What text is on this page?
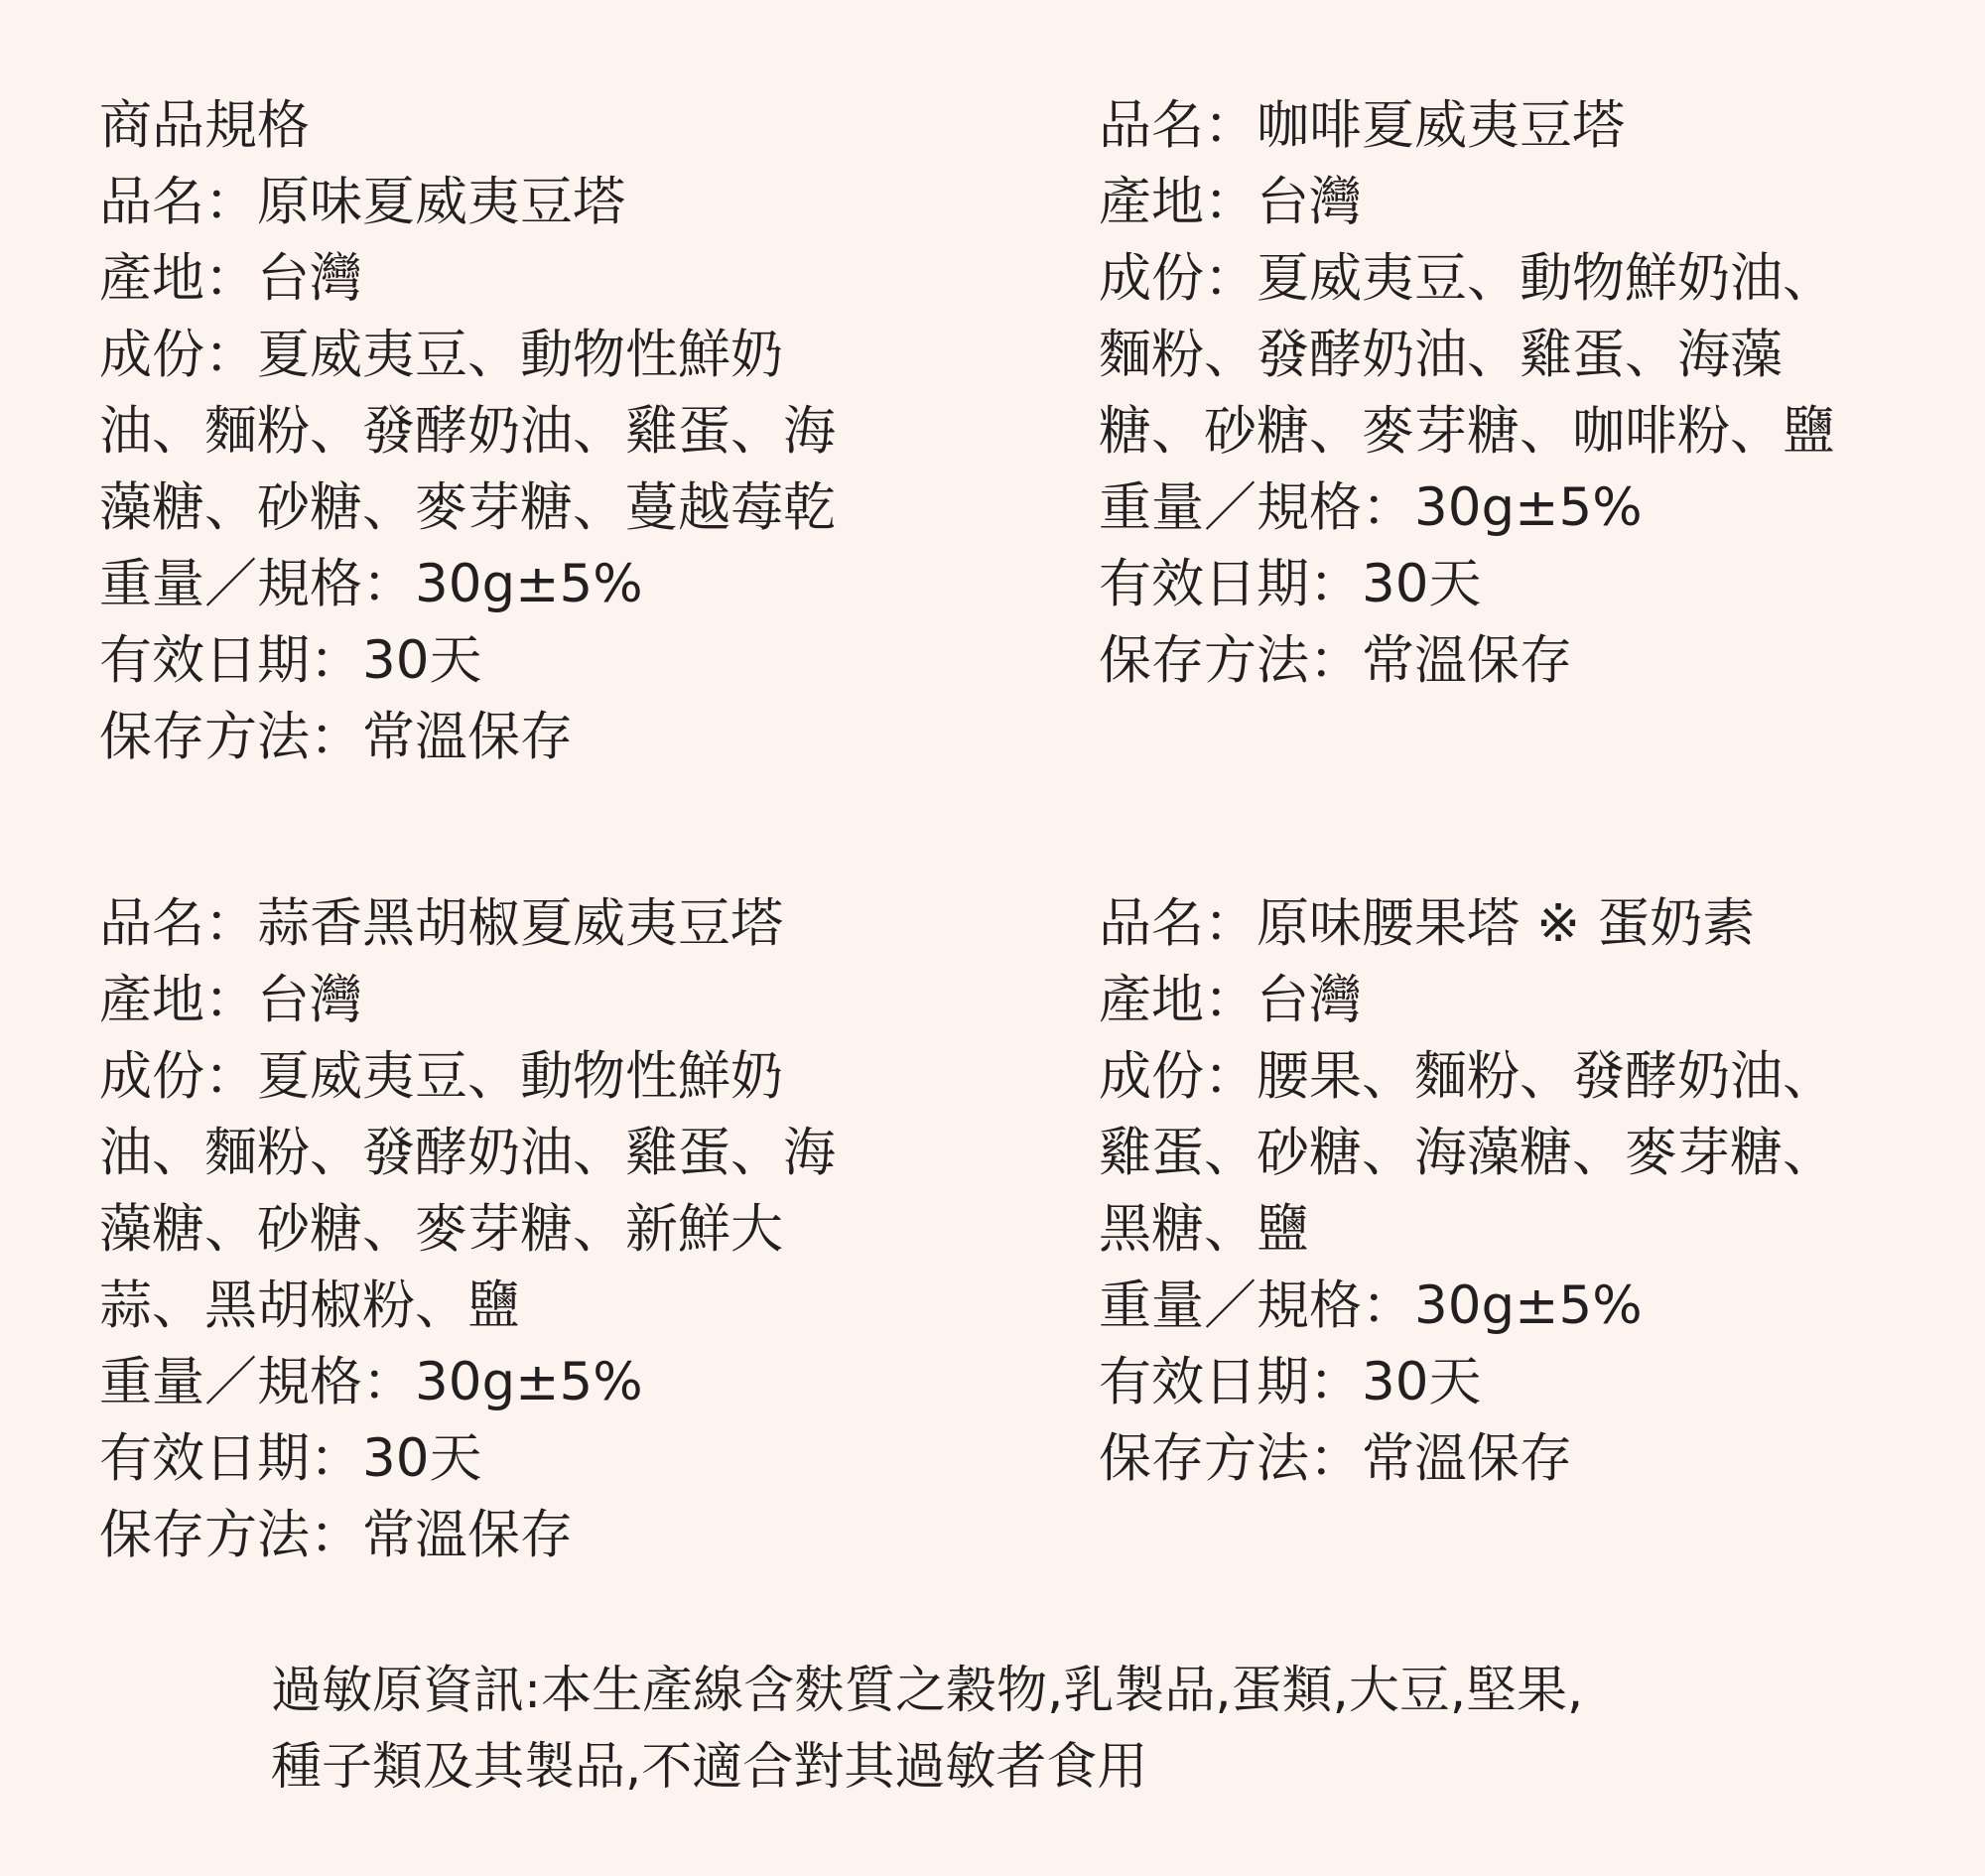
商品規格
品名：原味夏威夷豆塔
產地：台灣
成份：夏威夷豆、動物性鮮奶
油、麵粉、發酵奶油、雞蛋、海
藻糖、砂糖、麥芽糖、蔓越莓乾
重量／規格：30g±5%
有效日期：30天
保存方法：常溫保存
品名：咖啡夏威夷豆塔
產地：台灣
成份：夏威夷豆、動物鮮奶油、
麵粉、發酵奶油、雞蛋、海藻
糖、砂糖、麥芽糖、咖啡粉、鹽
重量／規格：30g±5%
有效日期：30天
保存方法：常溫保存
品名：蒜香黑胡椒夏威夷豆塔
產地：台灣
成份：夏威夷豆、動物性鮮奶
油、麵粉、發酵奶油、雞蛋、海
藻糖、砂糖、麥芽糖、新鮮大
蒜、黑胡椒粉、鹽
重量／規格：30g±5%
有效日期：30天
保存方法：常溫保存
品名：原味腰果塔 ※ 蛋奶素
產地：台灣
成份：腰果、麵粉、發酵奶油、
雞蛋、砂糖、海藻糖、麥芽糖、
黑糖、鹽
重量／規格：30g±5%
有效日期：30天
保存方法：常溫保存
過敏原資訊:本生產線含麩質之穀物,乳製品,蛋類,大豆,堅果,
種子類及其製品,不適合對其過敏者食用
